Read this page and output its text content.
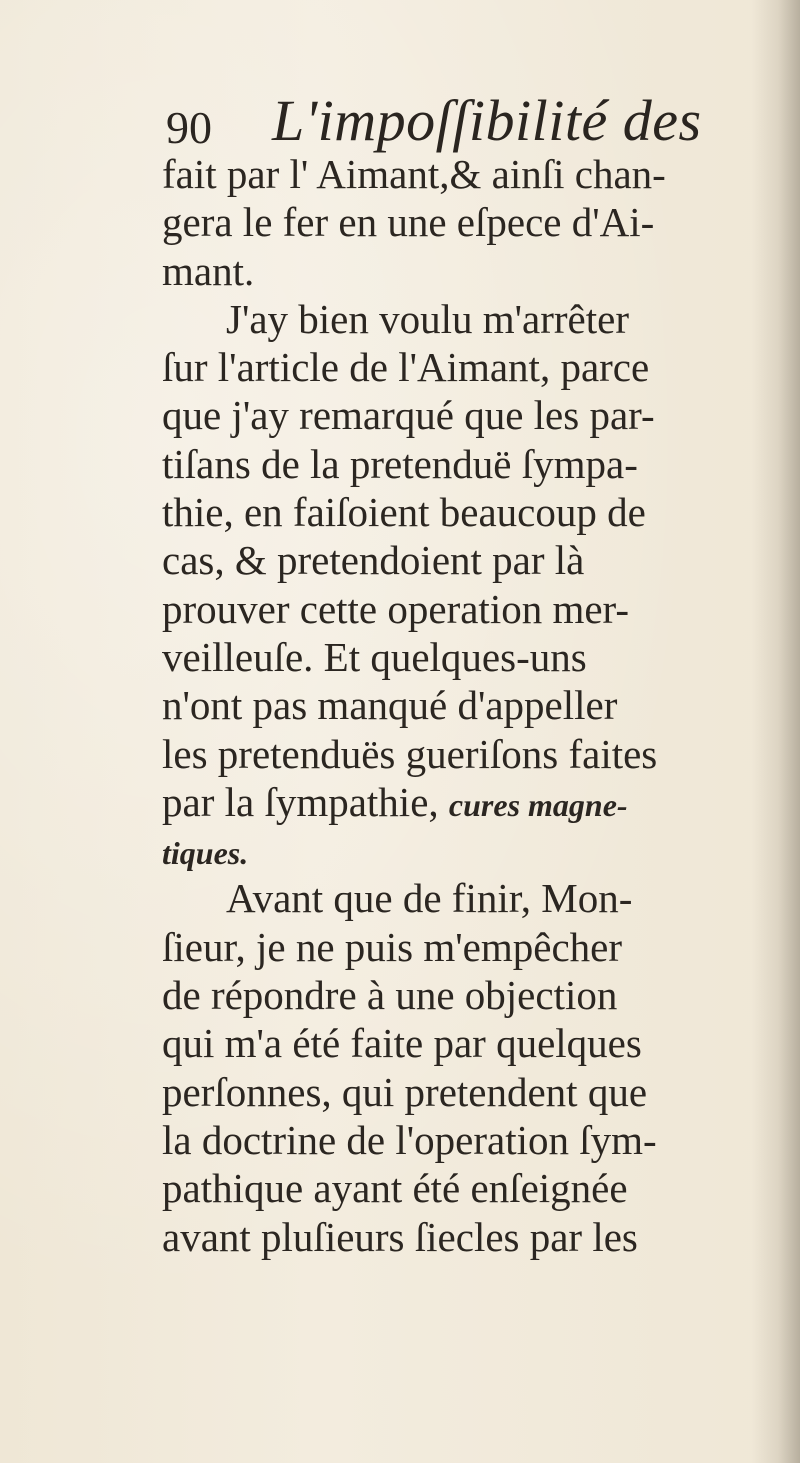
90 L'impoſſibilité des
fait par l' Aimant,& ainſi chan-
gera le fer en une eſpece d'Ai-
mant.
J'ay bien voulu m'arrêter
ſur l'article de l'Aimant, parce
que j'ay remarqué que les par-
tiſans de la pretenduë ſympa-
thie, en faiſoient beaucoup de
cas, & pretendoient par là
prouver cette operation mer-
veilleuſe. Et quelques-uns
n'ont pas manqué d'appeller
les pretenduës gueriſons faites
par la ſympathie, cures magne-
tiques.
Avant que de finir, Mon-
ſieur, je ne puis m'empêcher
de répondre à une objection
qui m'a été faite par quelques
perſonnes, qui pretendent que
la doctrine de l'operation ſym-
pathique ayant été enſeignée
avant pluſieurs ſiecles par les
